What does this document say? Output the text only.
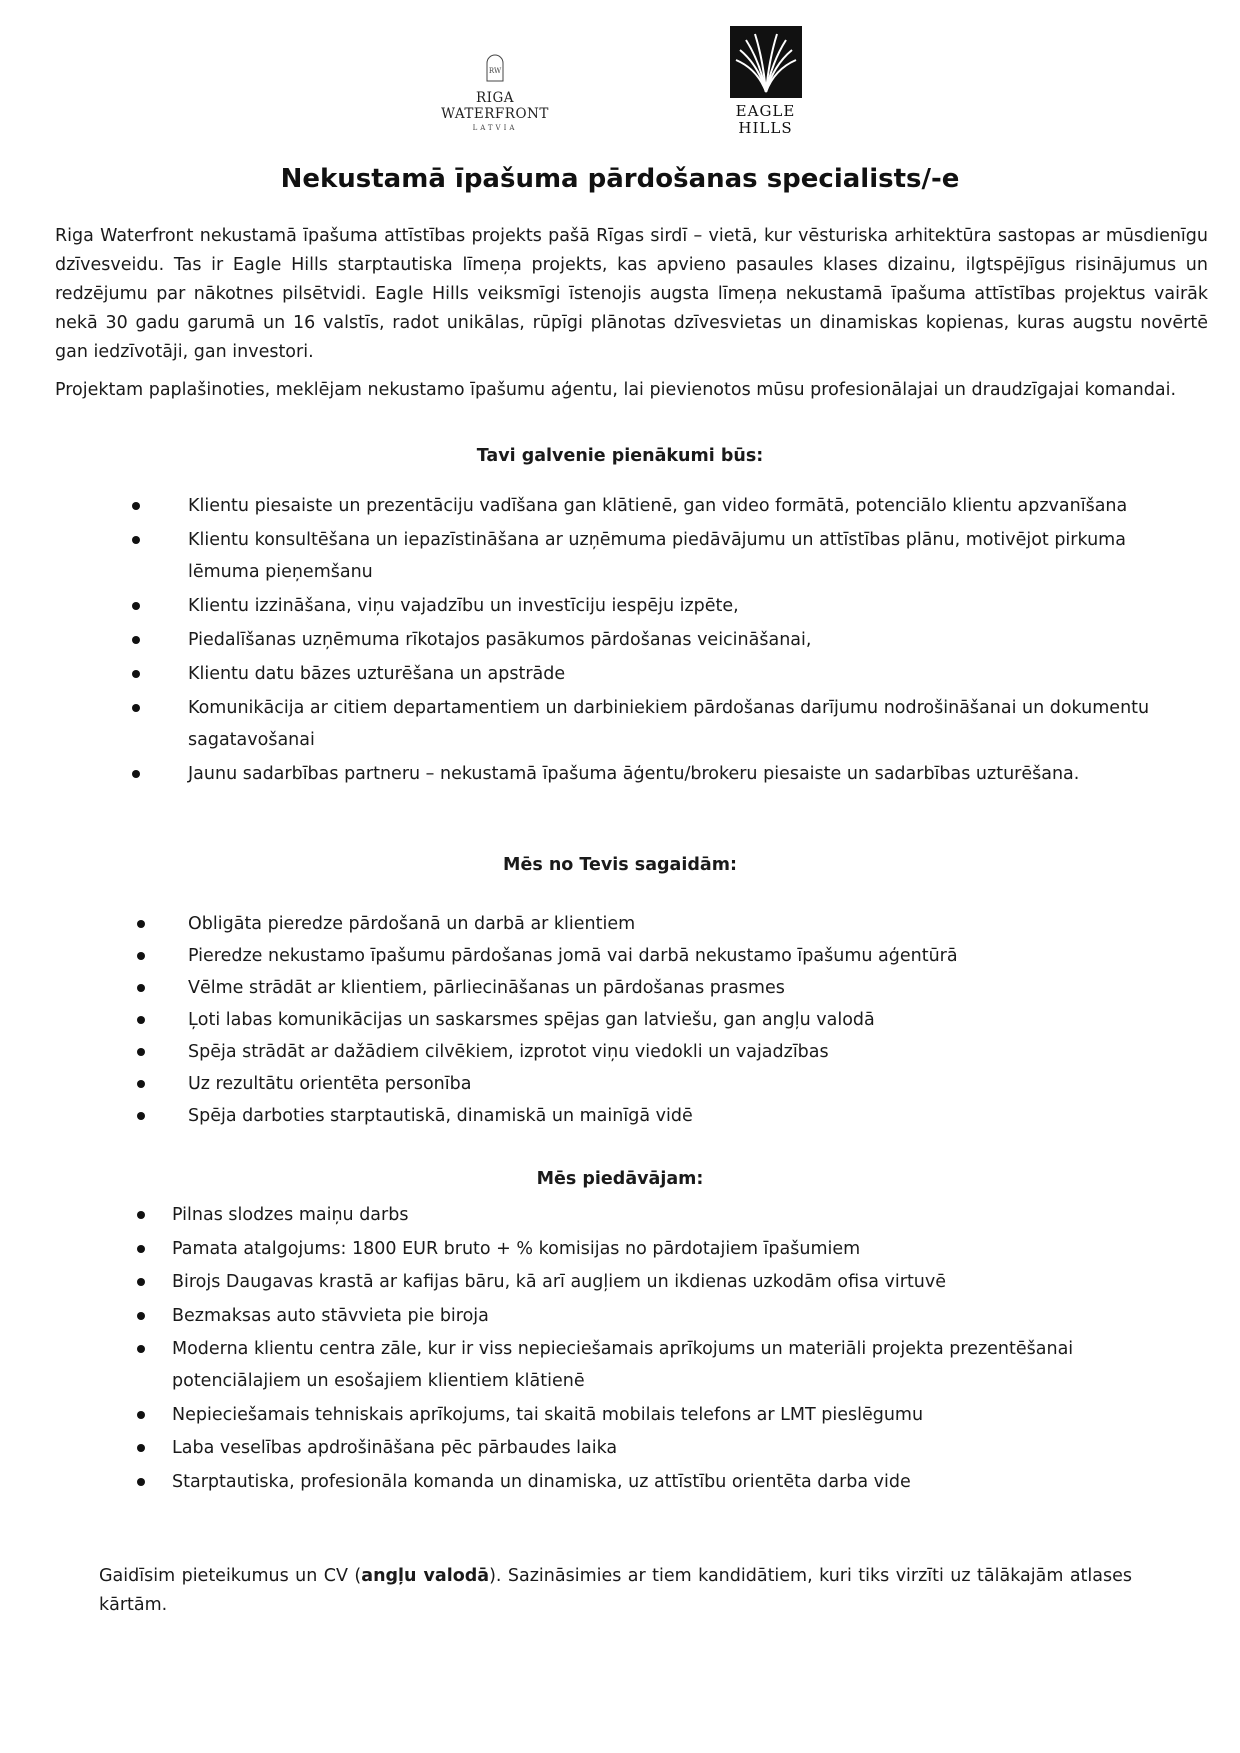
RW
RIGA WATERFRONT
LATVIA
EAGLE
HILLS
Nekustamā īpašuma pārdošanas specialists/-e

Riga Waterfront nekustamā īpašuma attīstības projekts pašā Rīgas sirdī – vietā, kur vēsturiska arhitektūra sastopas ar mūsdienīgu dzīvesveidu. Tas ir Eagle Hills starptautiska līmeņa projekts, kas apvieno pasaules klases dizainu, ilgtspējīgus risinājumus un redzējumu par nākotnes pilsētvidi. Eagle Hills veiksmīgi īstenojis augsta līmeņa nekustamā īpašuma attīstības projektus vairāk nekā 30 gadu garumā un 16 valstīs, radot unikālas, rūpīgi plānotas dzīvesvietas un dinamiskas kopienas, kuras augstu novērtē gan iedzīvotāji, gan investori.

Projektam paplašinoties, meklējam nekustamo īpašumu aģentu, lai pievienotos mūsu profesionālajai un draudzīgajai komandai.

Tavi galvenie pienākumi būs:
Klientu piesaiste un prezentāciju vadīšana gan klātienē, gan video formātā, potenciālo klientu apzvanīšana
Klientu konsultēšana un iepazīstināšana ar uzņēmuma piedāvājumu un attīstības plānu, motivējot pirkuma lēmuma pieņemšanu
Klientu izzināšana, viņu vajadzību un investīciju iespēju izpēte,
Piedalīšanas uzņēmuma rīkotajos pasākumos pārdošanas veicināšanai,
Klientu datu bāzes uzturēšana un apstrāde
Komunikācija ar citiem departamentiem un darbiniekiem pārdošanas darījumu nodrošināšanai un dokumentu sagatavošanai
Jaunu sadarbības partneru – nekustamā īpašuma āģentu/brokeru piesaiste un sadarbības uzturēšana.
Mēs no Tevis sagaidām:
Obligāta pieredze pārdošanā un darbā ar klientiem
Pieredze nekustamo īpašumu pārdošanas jomā vai darbā nekustamo īpašumu aģentūrā
Vēlme strādāt ar klientiem, pārliecināšanas un pārdošanas prasmes
Ļoti labas komunikācijas un saskarsmes spējas gan latviešu, gan angļu valodā
Spēja strādāt ar dažādiem cilvēkiem, izprotot viņu viedokli un vajadzības
Uz rezultātu orientēta personība
Spēja darboties starptautiskā, dinamiskā un mainīgā vidē
Mēs piedāvājam:
Pilnas slodzes maiņu darbs
Pamata atalgojums: 1800 EUR bruto + % komisijas no pārdotajiem īpašumiem
Birojs Daugavas krastā ar kafijas bāru, kā arī augļiem un ikdienas uzkodām ofisa virtuvē
Bezmaksas auto stāvvieta pie biroja
Moderna klientu centra zāle, kur ir viss nepieciešamais aprīkojums un materiāli projekta prezentēšanai potenciālajiem un esošajiem klientiem klātienē
Nepieciešamais tehniskais aprīkojums, tai skaitā mobilais telefons ar LMT pieslēgumu
Laba veselības apdrošināšana pēc pārbaudes laika
Starptautiska, profesionāla komanda un dinamiska, uz attīstību orientēta darba vide

Gaidīsim pieteikumus un CV (angļu valodā). Sazināsimies ar tiem kandidātiem, kuri tiks virzīti uz tālākajām atlases kārtām.
